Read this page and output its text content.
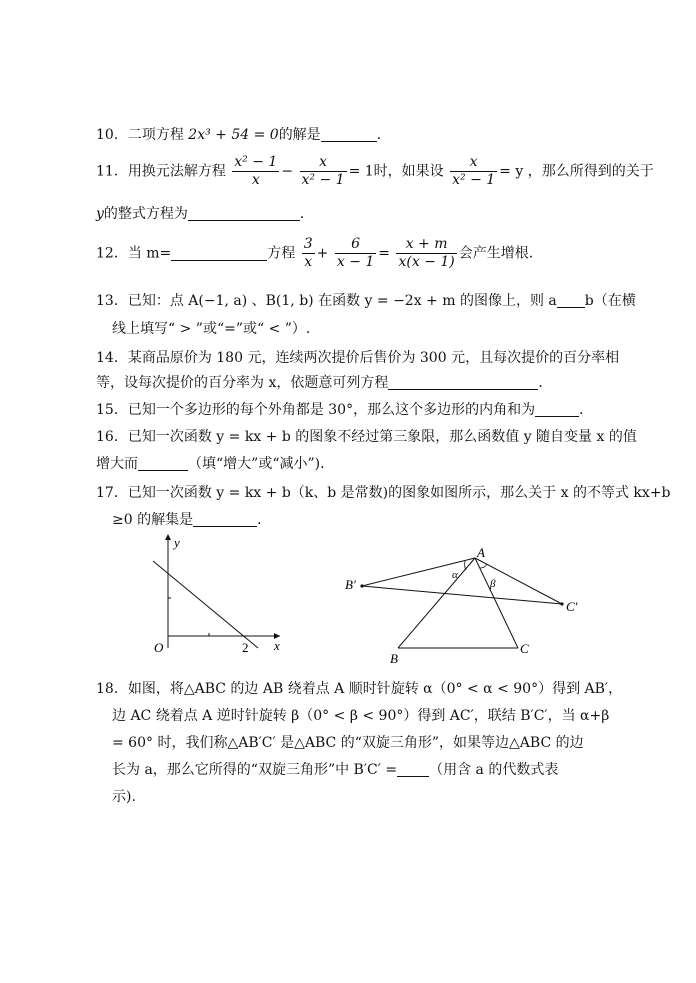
10．二项方程 2x³ + 54 = 0的解是	．
11．用换元法解方程 $\frac{\text{x² − 1}}{x} - \frac{x}{\text{x² − 1}} = 1$时，如果设 $\frac{x}{\text{x² − 1}} = y$ ，那么所得到的关于
y的整式方程为	．
12．当 m=	方程 $\frac{3}{x} + \frac{6}{x - 1} = \frac{x + m}{x(x - 1)}$ 会产生增根.
13．已知：点 A(−1, a) 、B(1, b) 在函数 y = −2x + m 的图像上，则 a b（在横
线上填写“ > ”或“=”或“ < ”）.
14．某商品原价为 180 元，连续两次提价后售价为 300 元，且每次提价的百分率相
等，设每次提价的百分率为 x，依题意可列方程	．
15．已知一个多边形的每个外角都是 30°，那么这个多边形的内角和为	．
16．已知一次函数 y = kx + b 的图象不经过第三象限，那么函数值 y 随自变量 x 的值
增大而	（填“增大”或“减小”)．
17．已知一次函数 y = kx + b（k、b 是常数)的图象如图所示，那么关于 x 的不等式 kx+b
≥0 的解集是	．
y
x
O	2
A
B
C
B′
C′
α
β
18．如图，将△ABC 的边 AB 绕着点 A 顺时针旋转 α（0° < α < 90°）得到 AB′，
边 AC 绕着点 A 逆时针旋转 β（0° < β < 90°）得到 AC′，联结 B′C′，当 α+β
= 60° 时，我们称△AB′C′ 是△ABC 的“双旋三角形”，如果等边△ABC 的边
长为 a，那么它所得的“双旋三角形”中 B′C′ = （用含 a 的代数式表
示).
